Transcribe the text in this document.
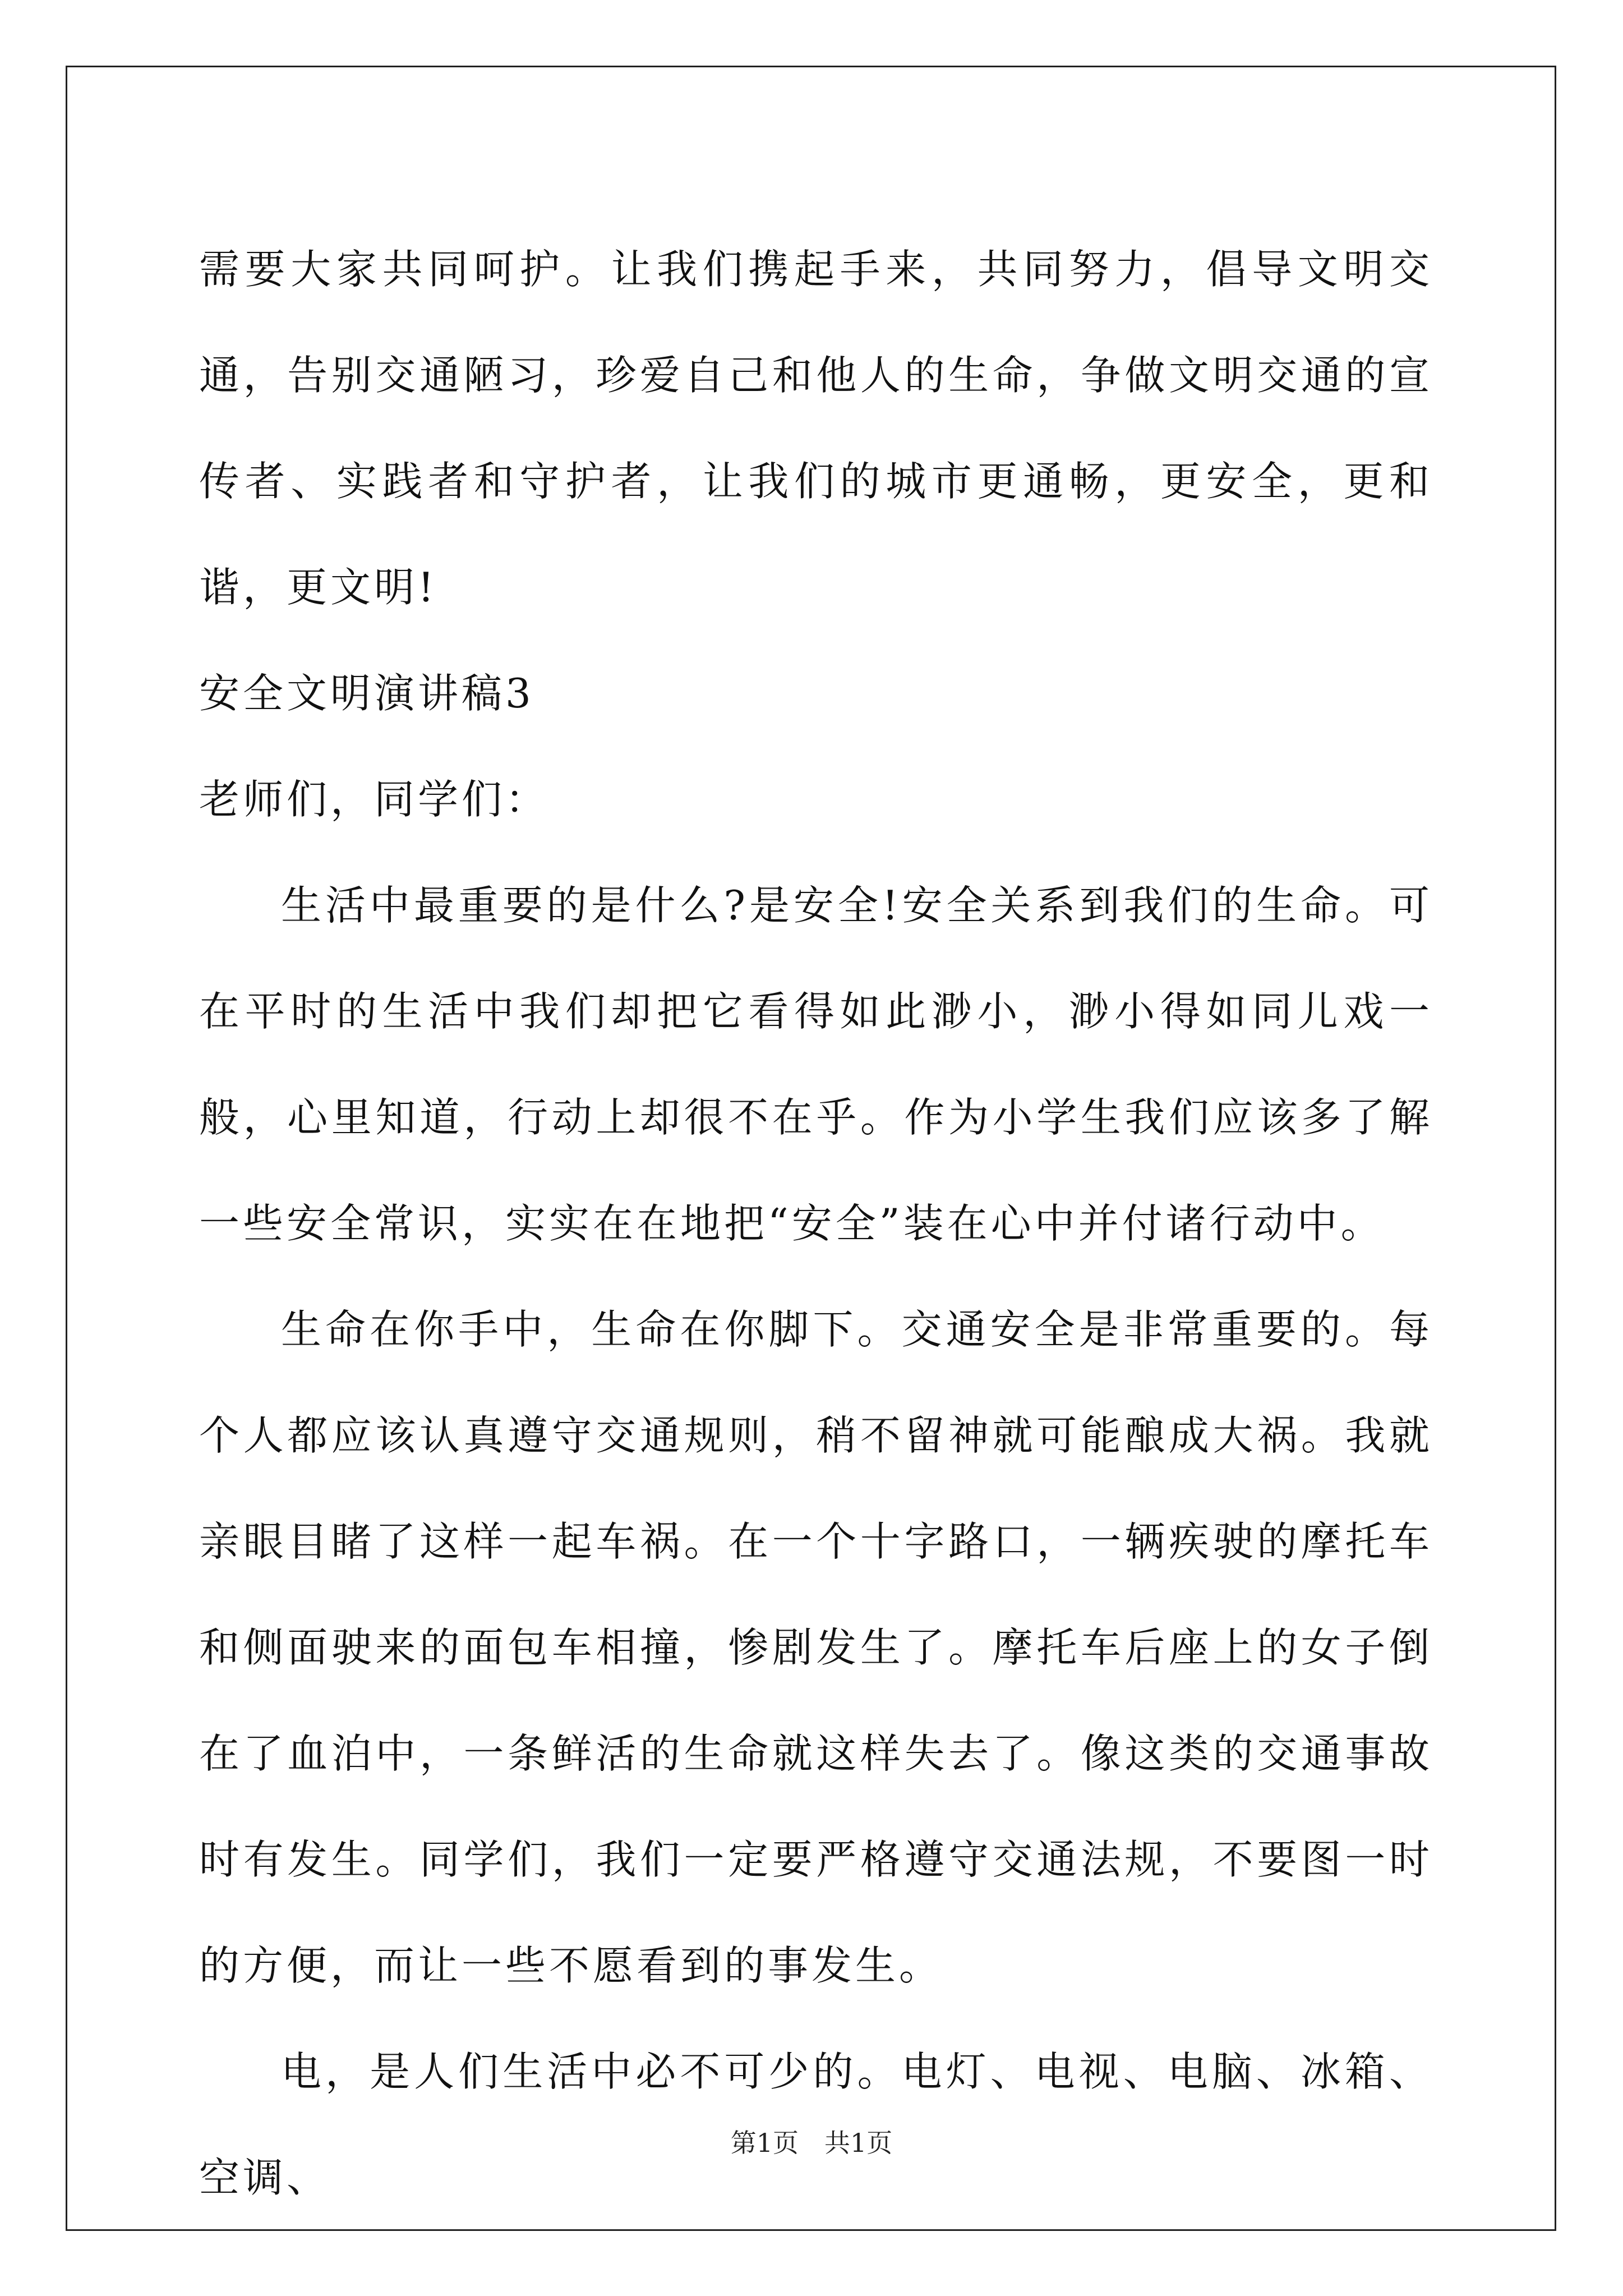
需要大家共同呵护。让我们携起手来，共同努力，倡导文明交通，告别交通陋习，珍爱自己和他人的生命，争做文明交通的宣传者、实践者和守护者，让我们的城市更通畅，更安全，更和谐，更文明!

安全文明演讲稿3

老师们，同学们：

生活中最重要的是什么?是安全!安全关系到我们的生命。可在平时的生活中我们却把它看得如此渺小，渺小得如同儿戏一般，心里知道，行动上却很不在乎。作为小学生我们应该多了解一些安全常识，实实在在地把“安全”装在心中并付诸行动中。

生命在你手中，生命在你脚下。交通安全是非常重要的。每个人都应该认真遵守交通规则，稍不留神就可能酿成大祸。我就亲眼目睹了这样一起车祸。在一个十字路口，一辆疾驶的摩托车和侧面驶来的面包车相撞，惨剧发生了。摩托车后座上的女子倒在了血泊中，一条鲜活的生命就这样失去了。像这类的交通事故时有发生。同学们，我们一定要严格遵守交通法规，不要图一时的方便，而让一些不愿看到的事发生。

电，是人们生活中必不可少的。电灯、电视、电脑、冰箱、空调、

第1页　共1页
